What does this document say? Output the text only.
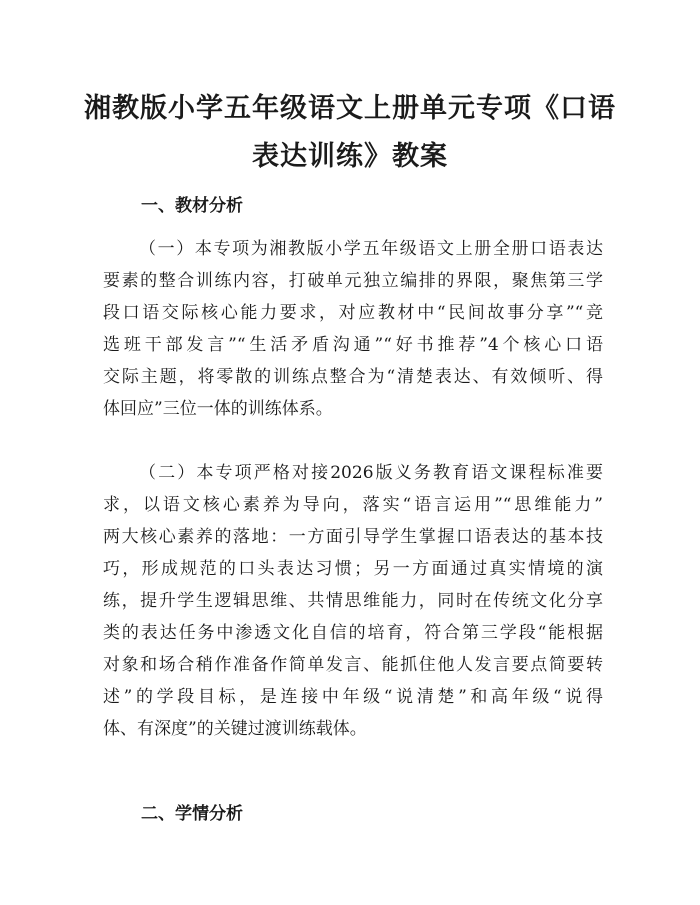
湘教版小学五年级语文上册单元专项《口语
表达训练》教案
一、教材分析
（一）本专项为湘教版小学五年级语文上册全册口语表达
要素的整合训练内容，打破单元独立编排的界限，聚焦第三学
段口语交际核心能力要求，对应教材中“民间故事分享”“竞
选班干部发言”“生活矛盾沟通”“好书推荐”4个核心口语
交际主题，将零散的训练点整合为“清楚表达、有效倾听、得
体回应”三位一体的训练体系。
（二）本专项严格对接2026版义务教育语文课程标准要
求，以语文核心素养为导向，落实“语言运用”“思维能力”
两大核心素养的落地：一方面引导学生掌握口语表达的基本技
巧，形成规范的口头表达习惯；另一方面通过真实情境的演
练，提升学生逻辑思维、共情思维能力，同时在传统文化分享
类的表达任务中渗透文化自信的培育，符合第三学段“能根据
对象和场合稍作准备作简单发言、能抓住他人发言要点简要转
述”的学段目标，是连接中年级“说清楚”和高年级“说得
体、有深度”的关键过渡训练载体。
二、学情分析
